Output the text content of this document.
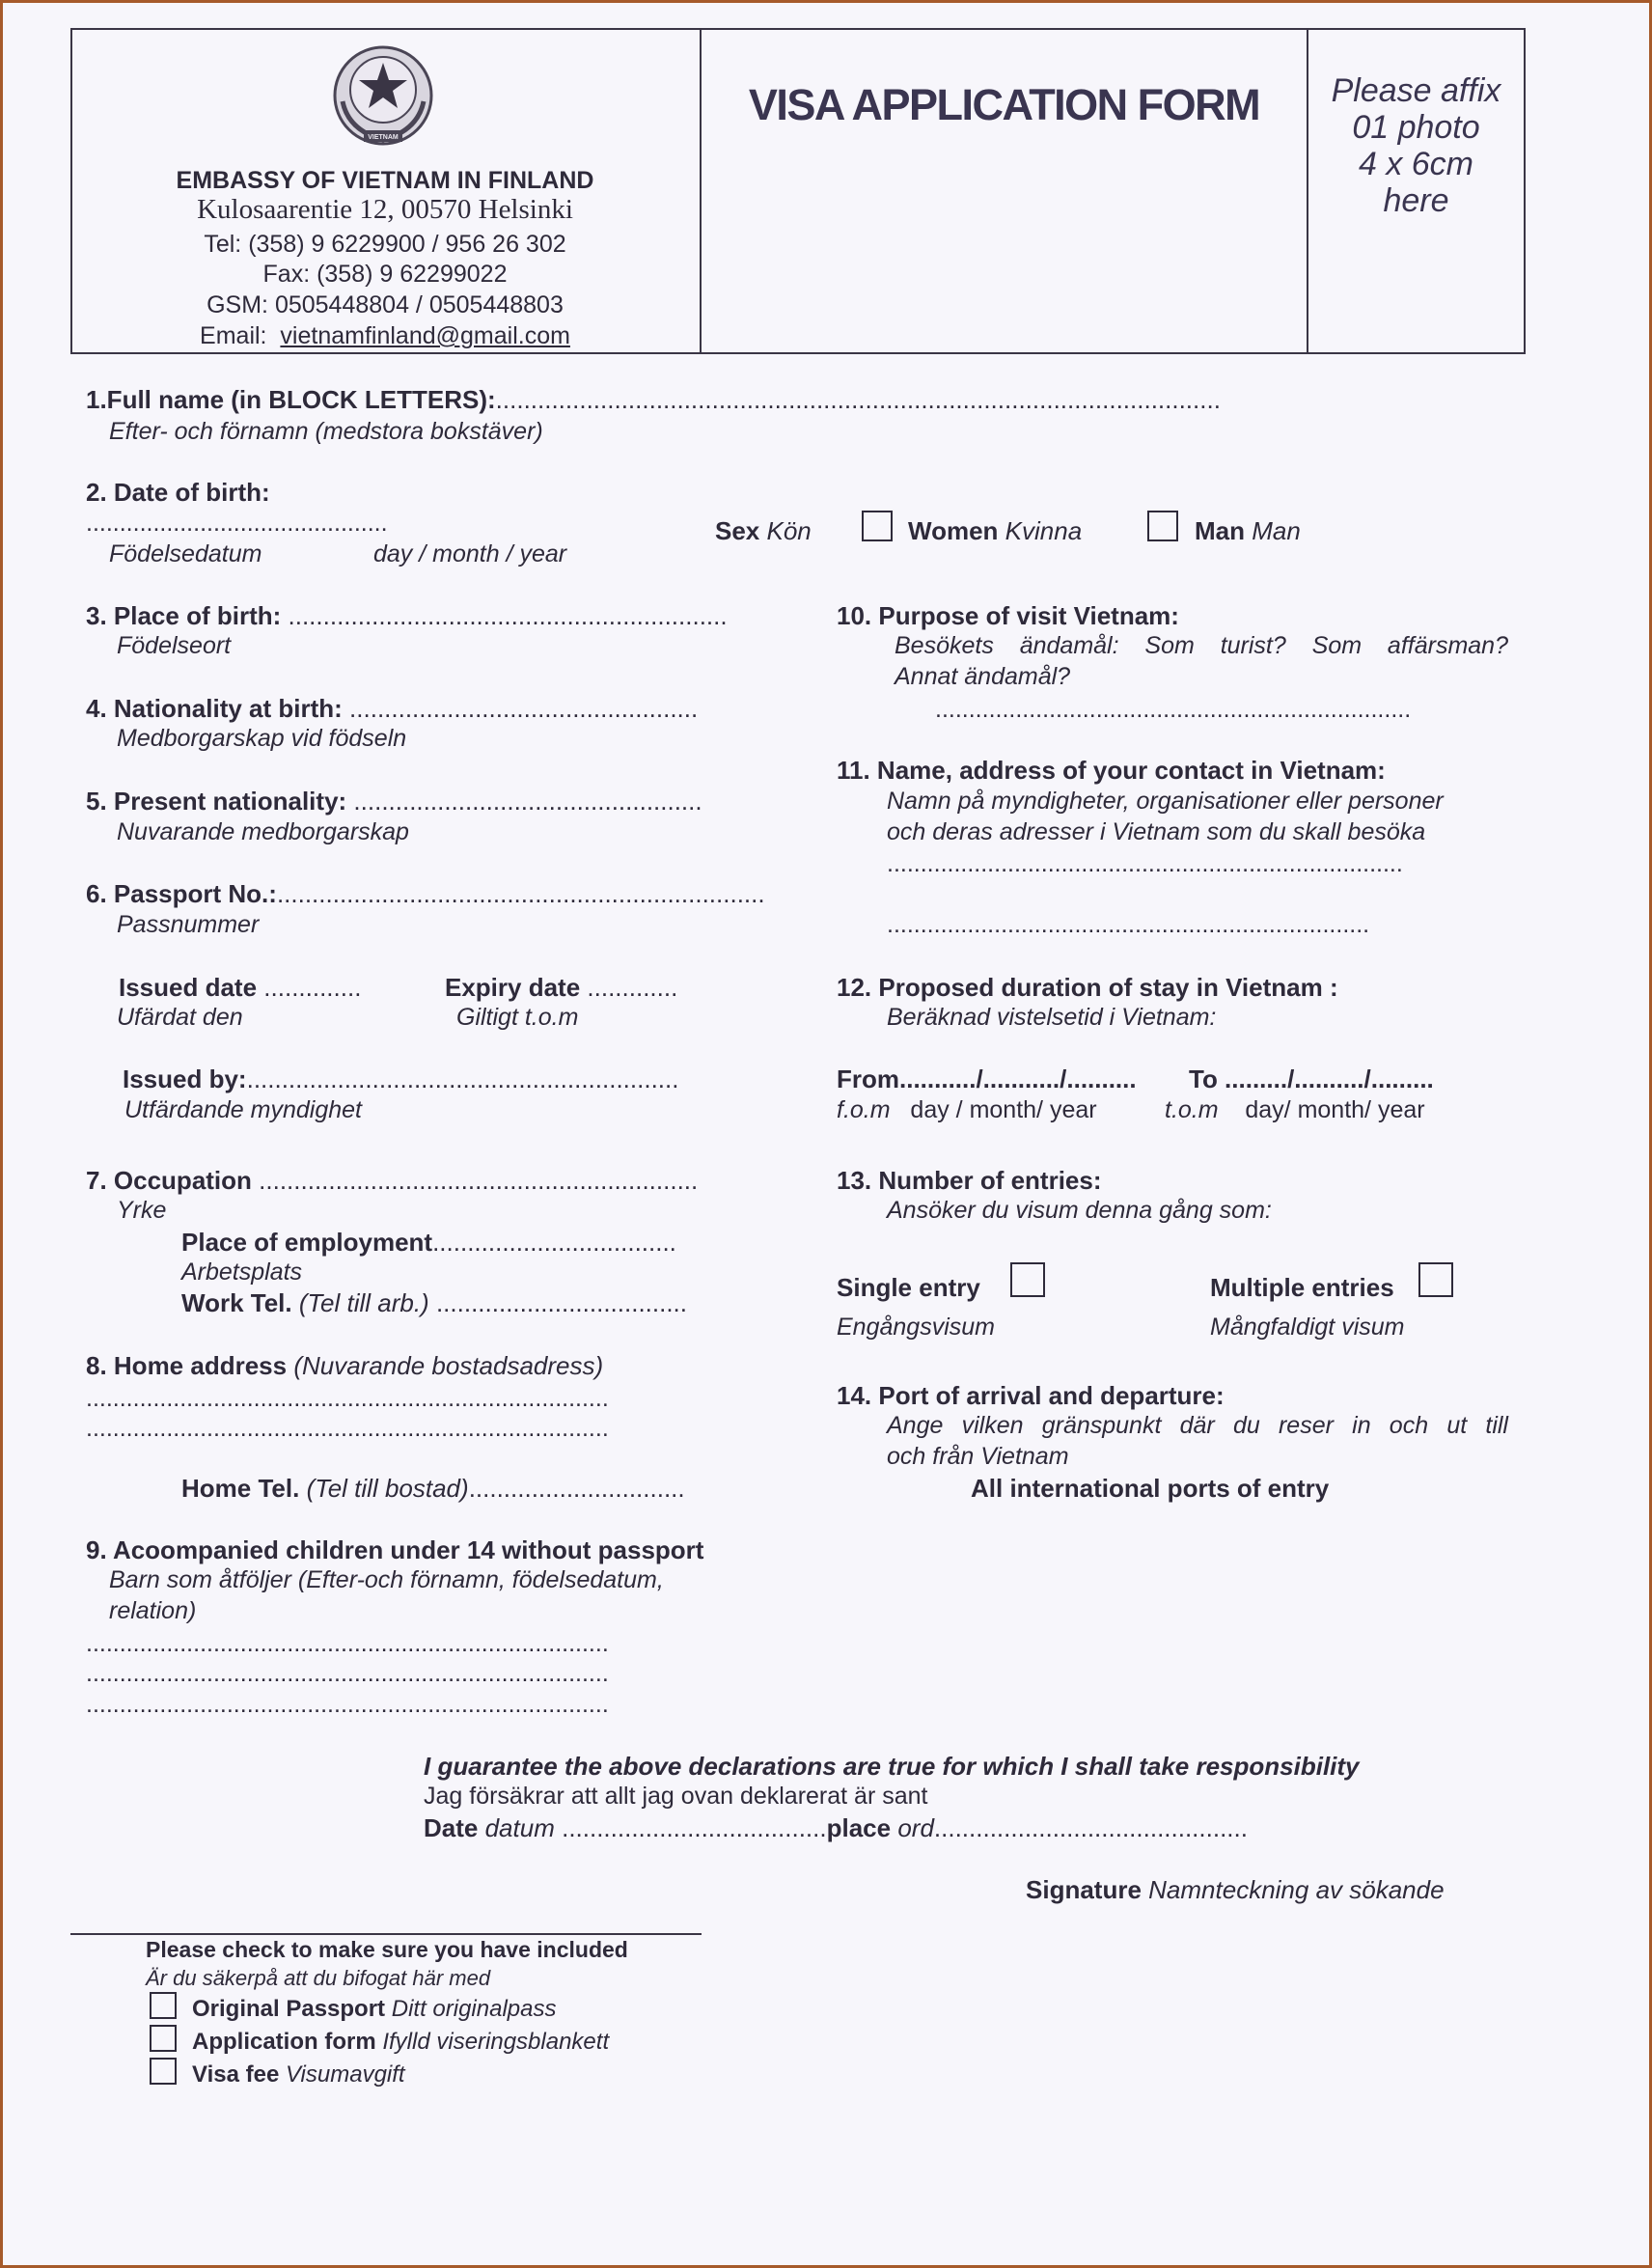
VIETNAM
EMBASSY OF VIETNAM IN FINLAND
Kulosaarentie 12, 00570 Helsinki
Tel: (358) 9 6229900 / 956 26 302
Fax: (358) 9 62299022
GSM: 0505448804 / 0505448803
Email: vietnamfinland@gmail.com
VISA APPLICATION FORM	Please affix
01 photo
4 x 6cm
here
1.Full name (in BLOCK LETTERS):........................................................................................................
Efter- och förnamn (medstora bokstäver)
2. Date of birth:
.............................................
Födelsedatum	day / month / year
Sex Kön	Women Kvinna	Man Man
3. Place of birth: ...............................................................
Födelseort
4. Nationality at birth: ..................................................
Medborgarskap vid födseln
5. Present nationality: ..................................................
Nuvarande medborgarskap
6. Passport No.:......................................................................
Passnummer
Issued date ..............
Ufärdat den
Expiry date .............
Giltigt t.o.m
Issued by:..............................................................
Utfärdande myndighet
7. Occupation ...............................................................
Yrke
Place of employment...................................
Arbetsplats
Work Tel. (Tel till arb.) ....................................
8. Home address (Nuvarande bostadsadress)
..............................................................................
..............................................................................
Home Tel. (Tel till bostad)...............................
9. Acoompanied children under 14 without passport
Barn som åtföljer (Efter-och förnamn, födelsedatum,
relation)
..............................................................................
..............................................................................
..............................................................................
10. Purpose of visit Vietnam:
Besökets ändamål: Som turist? Som affärsman?
Annat ändamål?
.......................................................................
11. Name, address of your contact in Vietnam:
Namn på myndigheter, organisationer eller personer
och deras adresser i Vietnam som du skall besöka
.............................................................................
........................................................................
12. Proposed duration of stay in Vietnam :
Beräknad vistelsetid i Vietnam:
From.........../.........../.......... To ........./........../.........
f.o.m day / month/ year	t.o.m day/ month/ year
13. Number of entries:
Ansöker du visum denna gång som:
Single entry
Engångsvisum
Multiple entries
Mångfaldigt visum
14. Port of arrival and departure:
Ange vilken gränspunkt där du reser in och ut till
och från Vietnam
All international ports of entry
I guarantee the above declarations are true for which I shall take responsibility
Jag försäkrar att allt jag ovan deklarerat är sant
Date datum ......................................place ord.............................................
Signature Namnteckning av sökande
Please check to make sure you have included
Är du säkerpå att du bifogat här med
Original Passport Ditt originalpass
Application form Ifylld viseringsblankett
Visa fee Visumavgift
